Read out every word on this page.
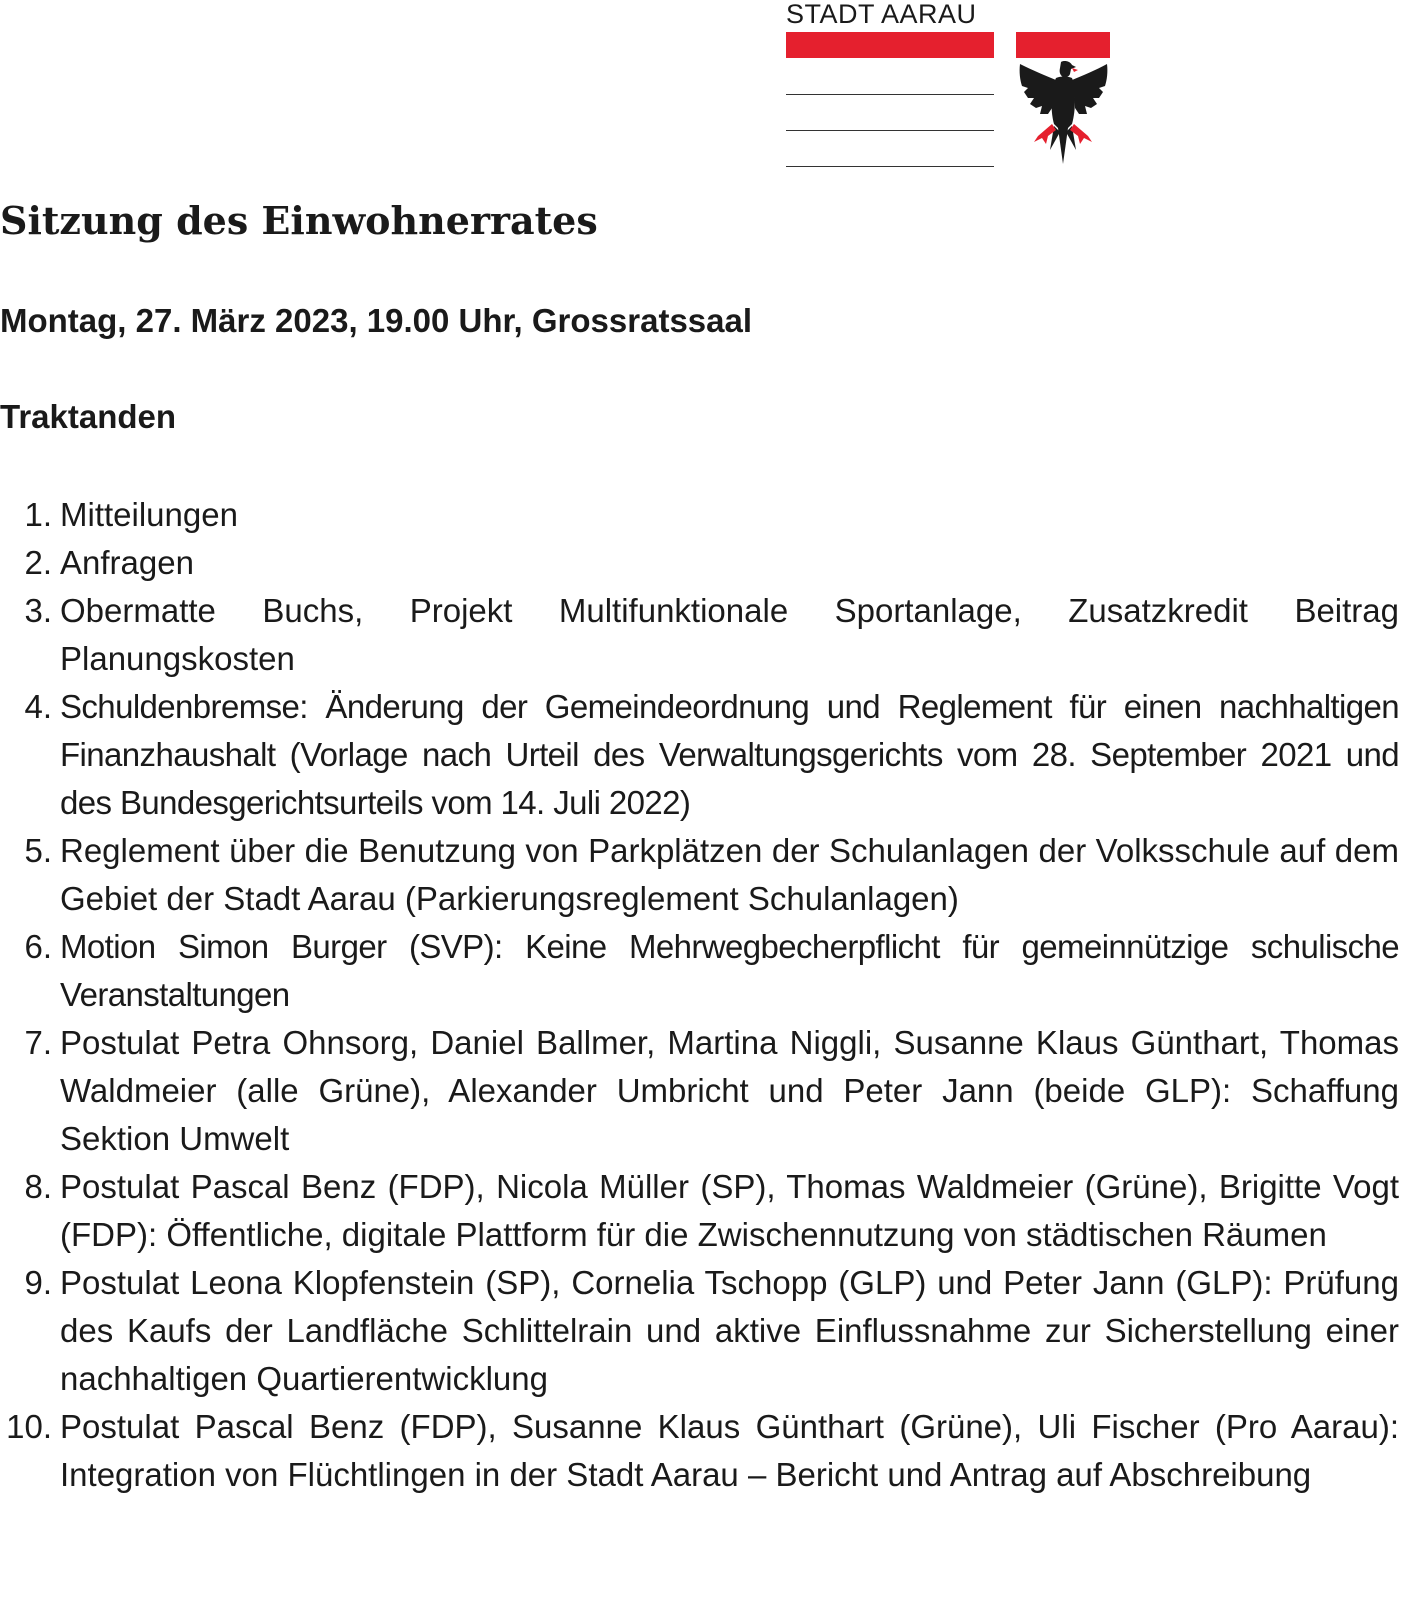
STADT AARAU
Sitzung des Einwohnerrates

Montag, 27. März 2023, 19.00 Uhr, Grossratssaal

Traktanden
1. Mitteilungen
2. Anfragen
3. Obermatte Buchs, Projekt Multifunktionale Sportanlage, Zusatzkredit Beitrag Planungskosten
4. Schuldenbremse: Änderung der Gemeindeordnung und Reglement für einen nachhaltigen Finanzhaushalt (Vorlage nach Urteil des Verwaltungsgerichts vom 28. September 2021 und des Bundesgerichtsurteils vom 14. Juli 2022)
5. Reglement über die Benutzung von Parkplätzen der Schulanlagen der Volksschule auf dem Gebiet der Stadt Aarau (Parkierungsreglement Schulanlagen)
6. Motion Simon Burger (SVP): Keine Mehrwegbecherpflicht für gemeinnützige schulische Veranstaltungen
7. Postulat Petra Ohnsorg, Daniel Ballmer, Martina Niggli, Susanne Klaus Günthart, Thomas Waldmeier (alle Grüne), Alexander Umbricht und Peter Jann (beide GLP): Schaffung Sektion Umwelt
8. Postulat Pascal Benz (FDP), Nicola Müller (SP), Thomas Waldmeier (Grüne), Brigitte Vogt (FDP): Öffentliche, digitale Plattform für die Zwischennutzung von städtischen Räumen
9. Postulat Leona Klopfenstein (SP), Cornelia Tschopp (GLP) und Peter Jann (GLP): Prüfung des Kaufs der Landfläche Schlittelrain und aktive Einflussnahme zur Sicherstellung einer nachhaltigen Quartierentwicklung
10. Postulat Pascal Benz (FDP), Susanne Klaus Günthart (Grüne), Uli Fischer (Pro Aarau): Integration von Flüchtlingen in der Stadt Aarau – Bericht und Antrag auf Abschreibung
